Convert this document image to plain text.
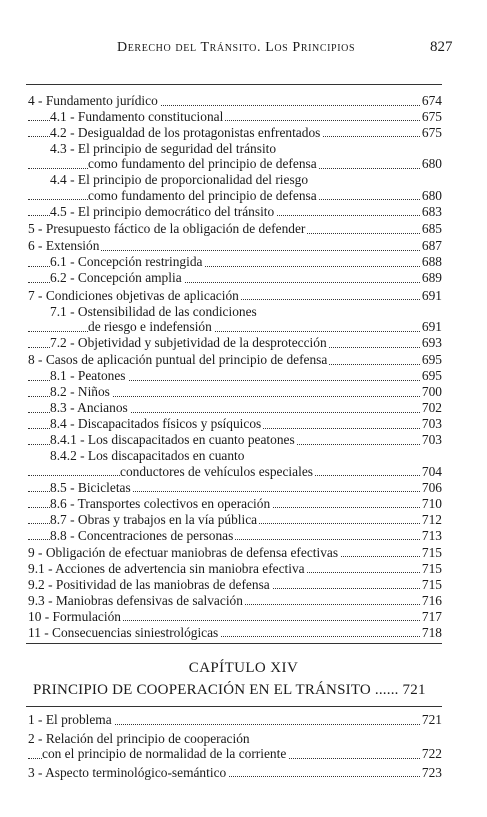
Derecho del Tránsito. Los Principios	827
4 - Fundamento jurídico	674
4.1 - Fundamento constitucional	675
4.2 - Desigualdad de los protagonistas enfrentados	675
4.3 - El principio de seguridad del tránsito
como fundamento del principio de defensa	680
4.4 - El principio de proporcionalidad del riesgo
como fundamento del principio de defensa	680
4.5 - El principio democrático del tránsito	683
5 - Presupuesto fáctico de la obligación de defender	685
6 - Extensión	687
6.1 - Concepción restringida	688
6.2 - Concepción amplia	689
7 - Condiciones objetivas de aplicación	691
7.1 - Ostensibilidad de las condiciones
de riesgo e indefensión	691
7.2 - Objetividad y subjetividad de la desprotección	693
8 - Casos de aplicación puntual del principio de defensa	695
8.1 - Peatones	695
8.2 - Niños	700
8.3 - Ancianos	702
8.4 - Discapacitados físicos y psíquicos	703
8.4.1 - Los discapacitados en cuanto peatones	703
8.4.2 - Los discapacitados en cuanto
conductores de vehículos especiales	704
8.5 - Bicicletas	706
8.6 - Transportes colectivos en operación	710
8.7 - Obras y trabajos en la vía pública	712
8.8 - Concentraciones de personas	713
9 - Obligación de efectuar maniobras de defensa efectivas	715
9.1 - Acciones de advertencia sin maniobra efectiva	715
9.2 - Positividad de las maniobras de defensa	715
9.3 - Maniobras defensivas de salvación	716
10 - Formulación	717
11 - Consecuencias siniestrológicas	718
CAPÍTULO XIV
PRINCIPIO DE COOPERACIÓN EN EL TRÁNSITO ...... 721
1 - El problema	721
2 - Relación del principio de cooperación
con el principio de normalidad de la corriente	722
3 - Aspecto terminológico-semántico	723
